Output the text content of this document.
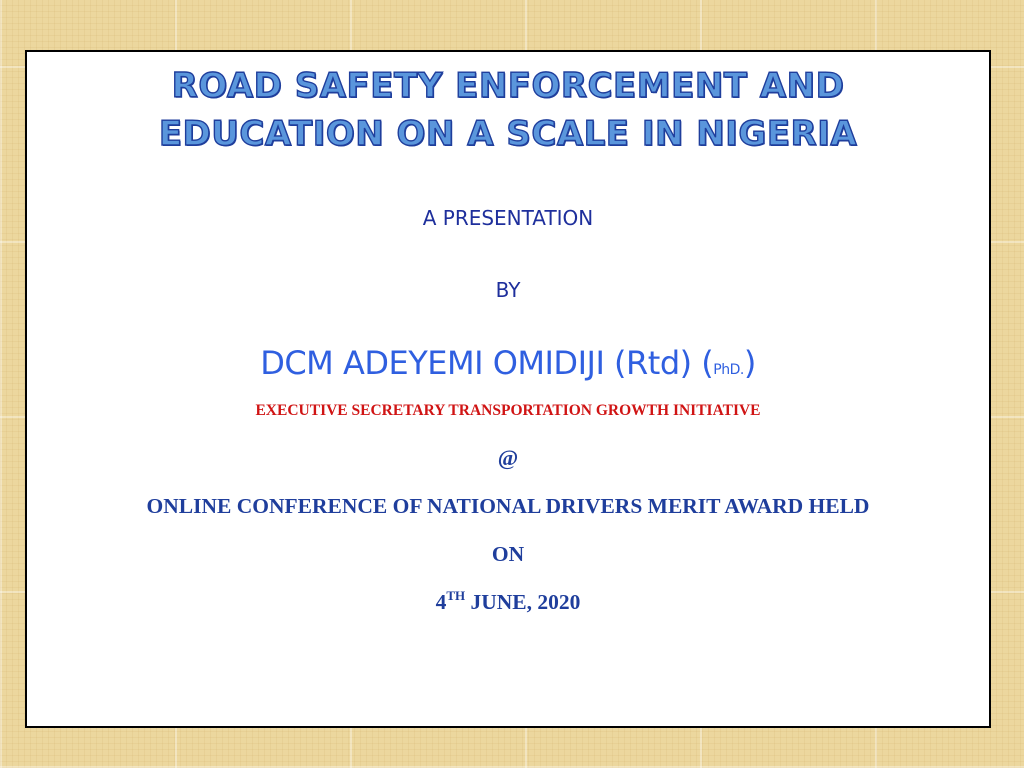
ROAD SAFETY ENFORCEMENT AND
EDUCATION ON A SCALE IN NIGERIA
A PRESENTATION
BY
DCM ADEYEMI OMIDIJI (Rtd) (PhD.)
EXECUTIVE SECRETARY TRANSPORTATION GROWTH INITIATIVE
@
ONLINE CONFERENCE OF NATIONAL DRIVERS MERIT AWARD HELD
ON
4TH JUNE, 2020
